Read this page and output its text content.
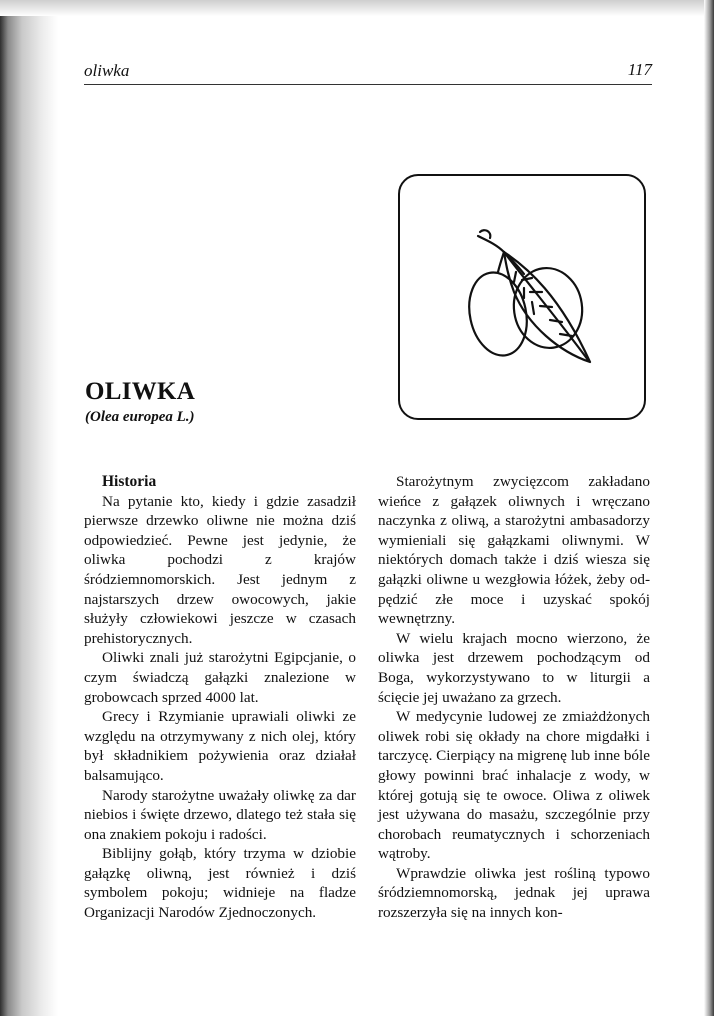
oliwka	117
OLIWKA
(Olea europea L.)
Historia

Na pytanie kto, kiedy i gdzie zasadził pierwsze drzewko oliwne nie można dziś odpowiedzieć. Pewne jest jedynie, że oliwka pochodzi z krajów śródziemnomorskich. Jest jednym z najstarszych drzew owocowych, jakie służyły człowiekowi jeszcze w czasach prehistorycznych.

Oliwki znali już starożytni Egipcjanie, o czym świadczą gałązki znalezione w grobowcach sprzed 4000 lat.

Grecy i Rzymianie uprawiali oliwki ze względu na otrzymywany z nich olej, który był składnikiem pożywienia oraz działał balsamująco.

Narody starożytne uważały oliwkę za dar niebios i święte drzewo, dlatego też stała się ona znakiem pokoju i radości.

Biblijny gołąb, który trzyma w dziobie gałązkę oliwną, jest również i dziś symbolem pokoju; widnieje na fladze Organizacji Narodów Zjednoczonych.

Starożytnym zwycięzcom zakładano wieńce z gałązek oliwnych i wręczano naczynka z oliwą, a starożytni ambasadorzy wymieniali się gałązkami oliwnymi. W niektórych domach także i dziś wiesza się gałązki oliwne u wezgłowia łóżek, żeby odpędzić złe moce i uzyskać spokój wewnętrzny.

W wielu krajach mocno wierzono, że oliwka jest drzewem pochodzącym od Boga, wykorzystywano to w liturgii a ścięcie jej uważano za grzech.

W medycynie ludowej ze zmiażdżonych oliwek robi się okłady na chore migdałki i tarczycę. Cierpiący na migrenę lub inne bóle głowy powinni brać inhalacje z wody, w której gotują się te owoce. Oliwa z oliwek jest używana do masażu, szczególnie przy chorobach reumatycznych i schorzeniach wątroby.

Wprawdzie oliwka jest rośliną typowo śródziemnomorską, jednak jej uprawa rozszerzyła się na innych kon-
